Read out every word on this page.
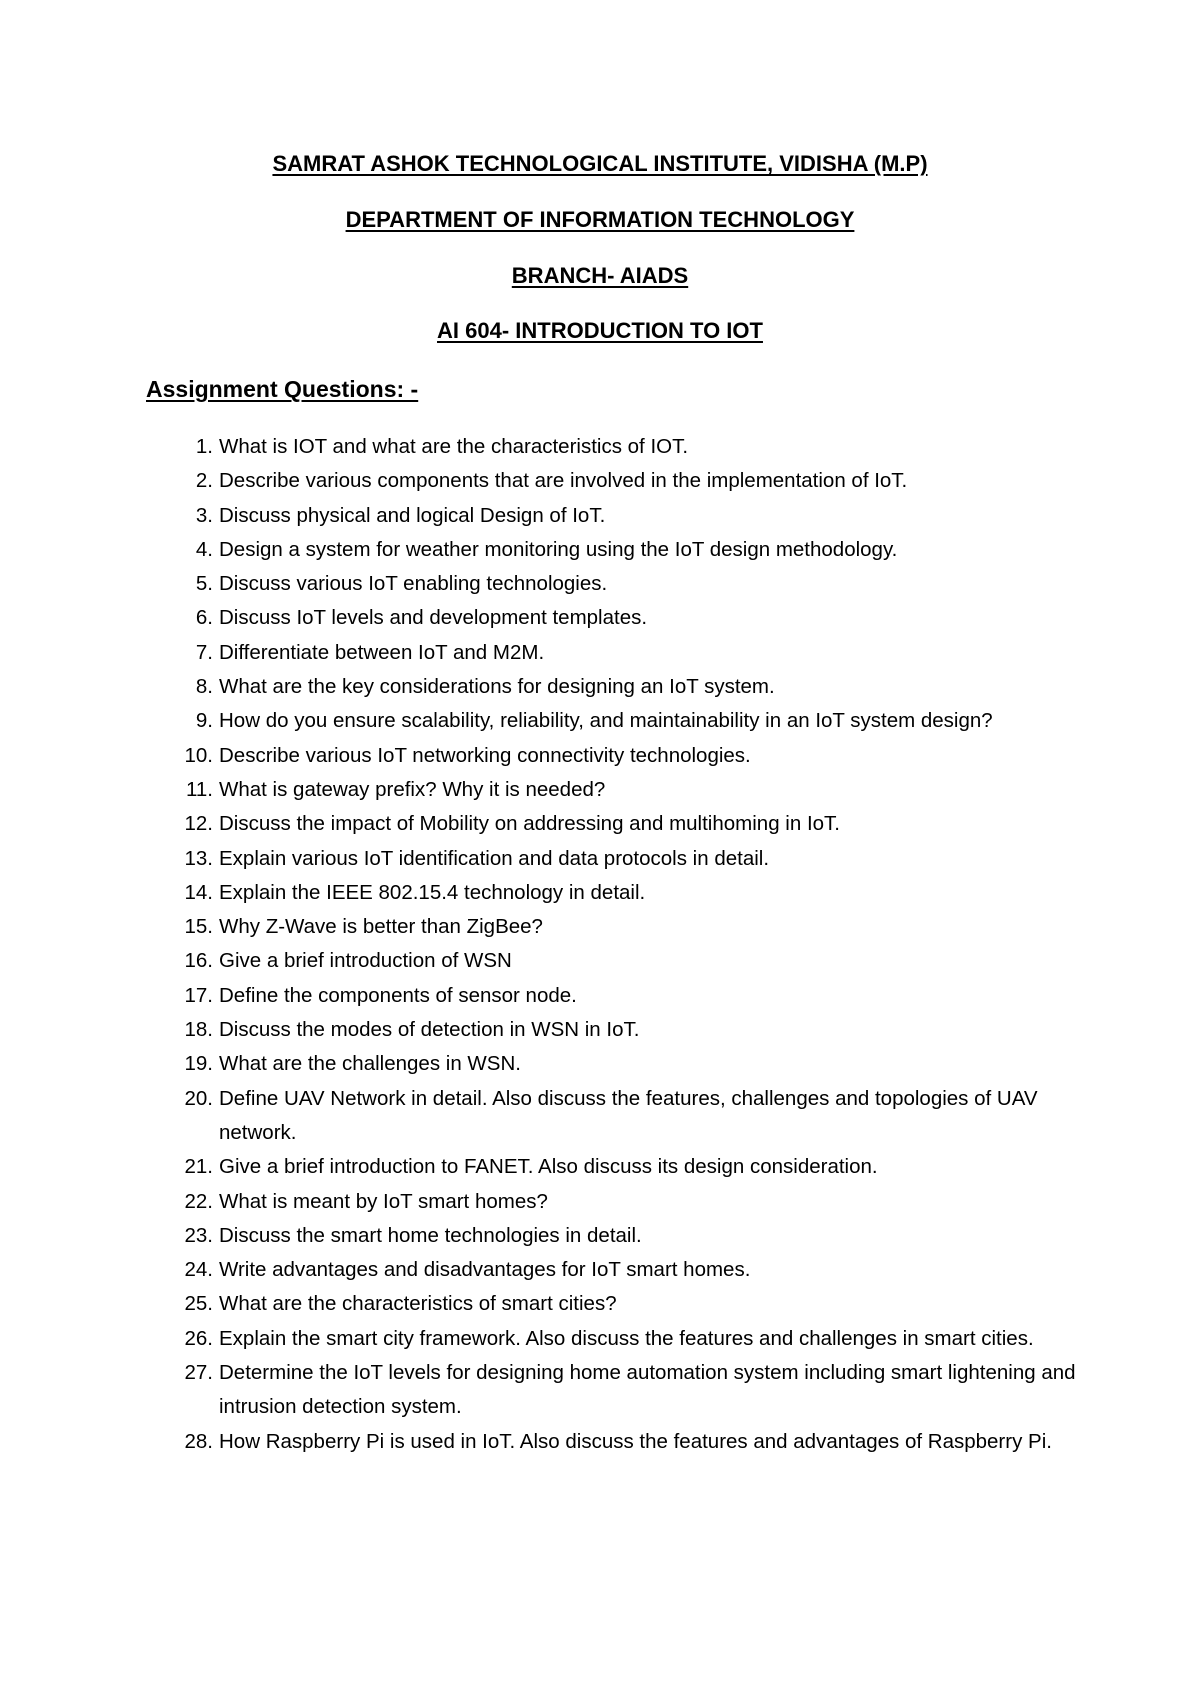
SAMRAT ASHOK TECHNOLOGICAL INSTITUTE, VIDISHA (M.P)
DEPARTMENT OF INFORMATION TECHNOLOGY
BRANCH- AIADS
AI 604- INTRODUCTION TO IOT
Assignment Questions: -
1. What is IOT and what are the characteristics of IOT.
2. Describe various components that are involved in the implementation of IoT.
3. Discuss physical and logical Design of IoT.
4. Design a system for weather monitoring using the IoT design methodology.
5. Discuss various IoT enabling technologies.
6. Discuss IoT levels and development templates.
7. Differentiate between IoT and M2M.
8. What are the key considerations for designing an IoT system.
9. How do you ensure scalability, reliability, and maintainability in an IoT system design?
10. Describe various IoT networking connectivity technologies.
11. What is gateway prefix? Why it is needed?
12. Discuss the impact of Mobility on addressing and multihoming in IoT.
13. Explain various IoT identification and data protocols in detail.
14. Explain the IEEE 802.15.4 technology in detail.
15. Why Z-Wave is better than ZigBee?
16. Give a brief introduction of WSN
17. Define the components of sensor node.
18. Discuss the modes of detection in WSN in IoT.
19. What are the challenges in WSN.
20. Define UAV Network in detail. Also discuss the features, challenges and topologies of UAV network.
21. Give a brief introduction to FANET. Also discuss its design consideration.
22. What is meant by IoT smart homes?
23. Discuss the smart home technologies in detail.
24. Write advantages and disadvantages for IoT smart homes.
25. What are the characteristics of smart cities?
26. Explain the smart city framework. Also discuss the features and challenges in smart cities.
27. Determine the IoT levels for designing home automation system including smart lightening and intrusion detection system.
28. How Raspberry Pi is used in IoT. Also discuss the features and advantages of Raspberry Pi.
